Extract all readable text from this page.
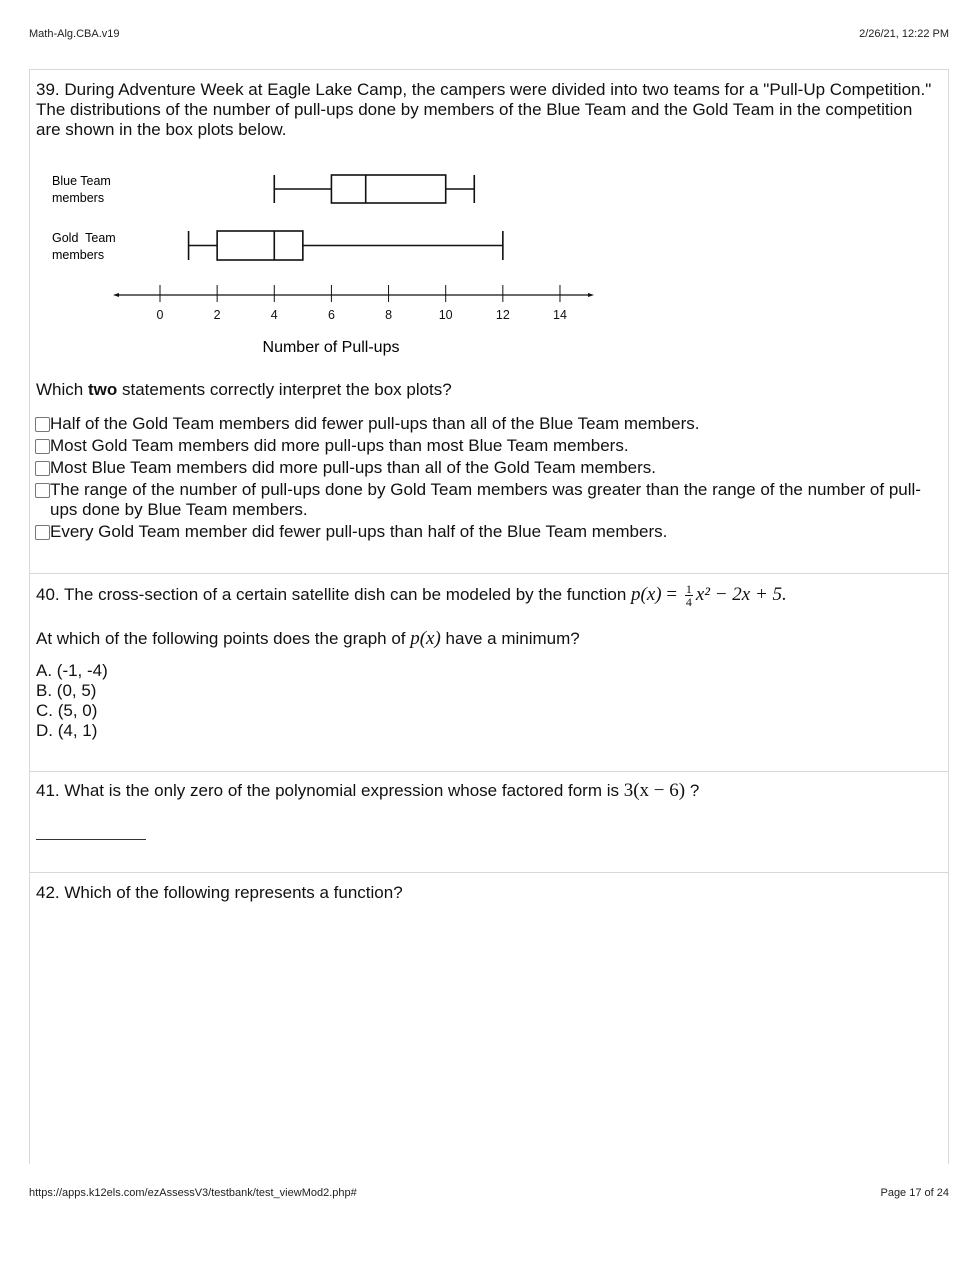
Math-Alg.CBA.v19	2/26/21, 12:22 PM
39. During Adventure Week at Eagle Lake Camp, the campers were divided into two teams for a "Pull-Up Competition." The distributions of the number of pull-ups done by members of the Blue Team and the Gold Team in the competition are shown in the box plots below.
0	2	4	6	8	10	12	14
Blue Team
members
Gold  Team
members
Number of Pull-ups
Which two statements correctly interpret the box plots?
Half of the Gold Team members did fewer pull-ups than all of the Blue Team members.
Most Gold Team members did more pull-ups than most Blue Team members.
Most Blue Team members did more pull-ups than all of the Gold Team members.
The range of the number of pull-ups done by Gold Team members was greater than the range of the number of pull-ups done by Blue Team members.
Every Gold Team member did fewer pull-ups than half of the Blue Team members.
40. The cross-section of a certain satellite dish can be modeled by the function $p(x) = \frac{1}{4} x^2 - 2x + 5$.
At which of the following points does the graph of p(x) have a minimum?
A. (-1, -4)
B. (0, 5)
C. (5, 0)
D. (4, 1)
41. What is the only zero of the polynomial expression whose factored form is 3(x − 6) ?
42. Which of the following represents a function?
https://apps.k12els.com/ezAssessV3/testbank/test_viewMod2.php#	Page 17 of 24
